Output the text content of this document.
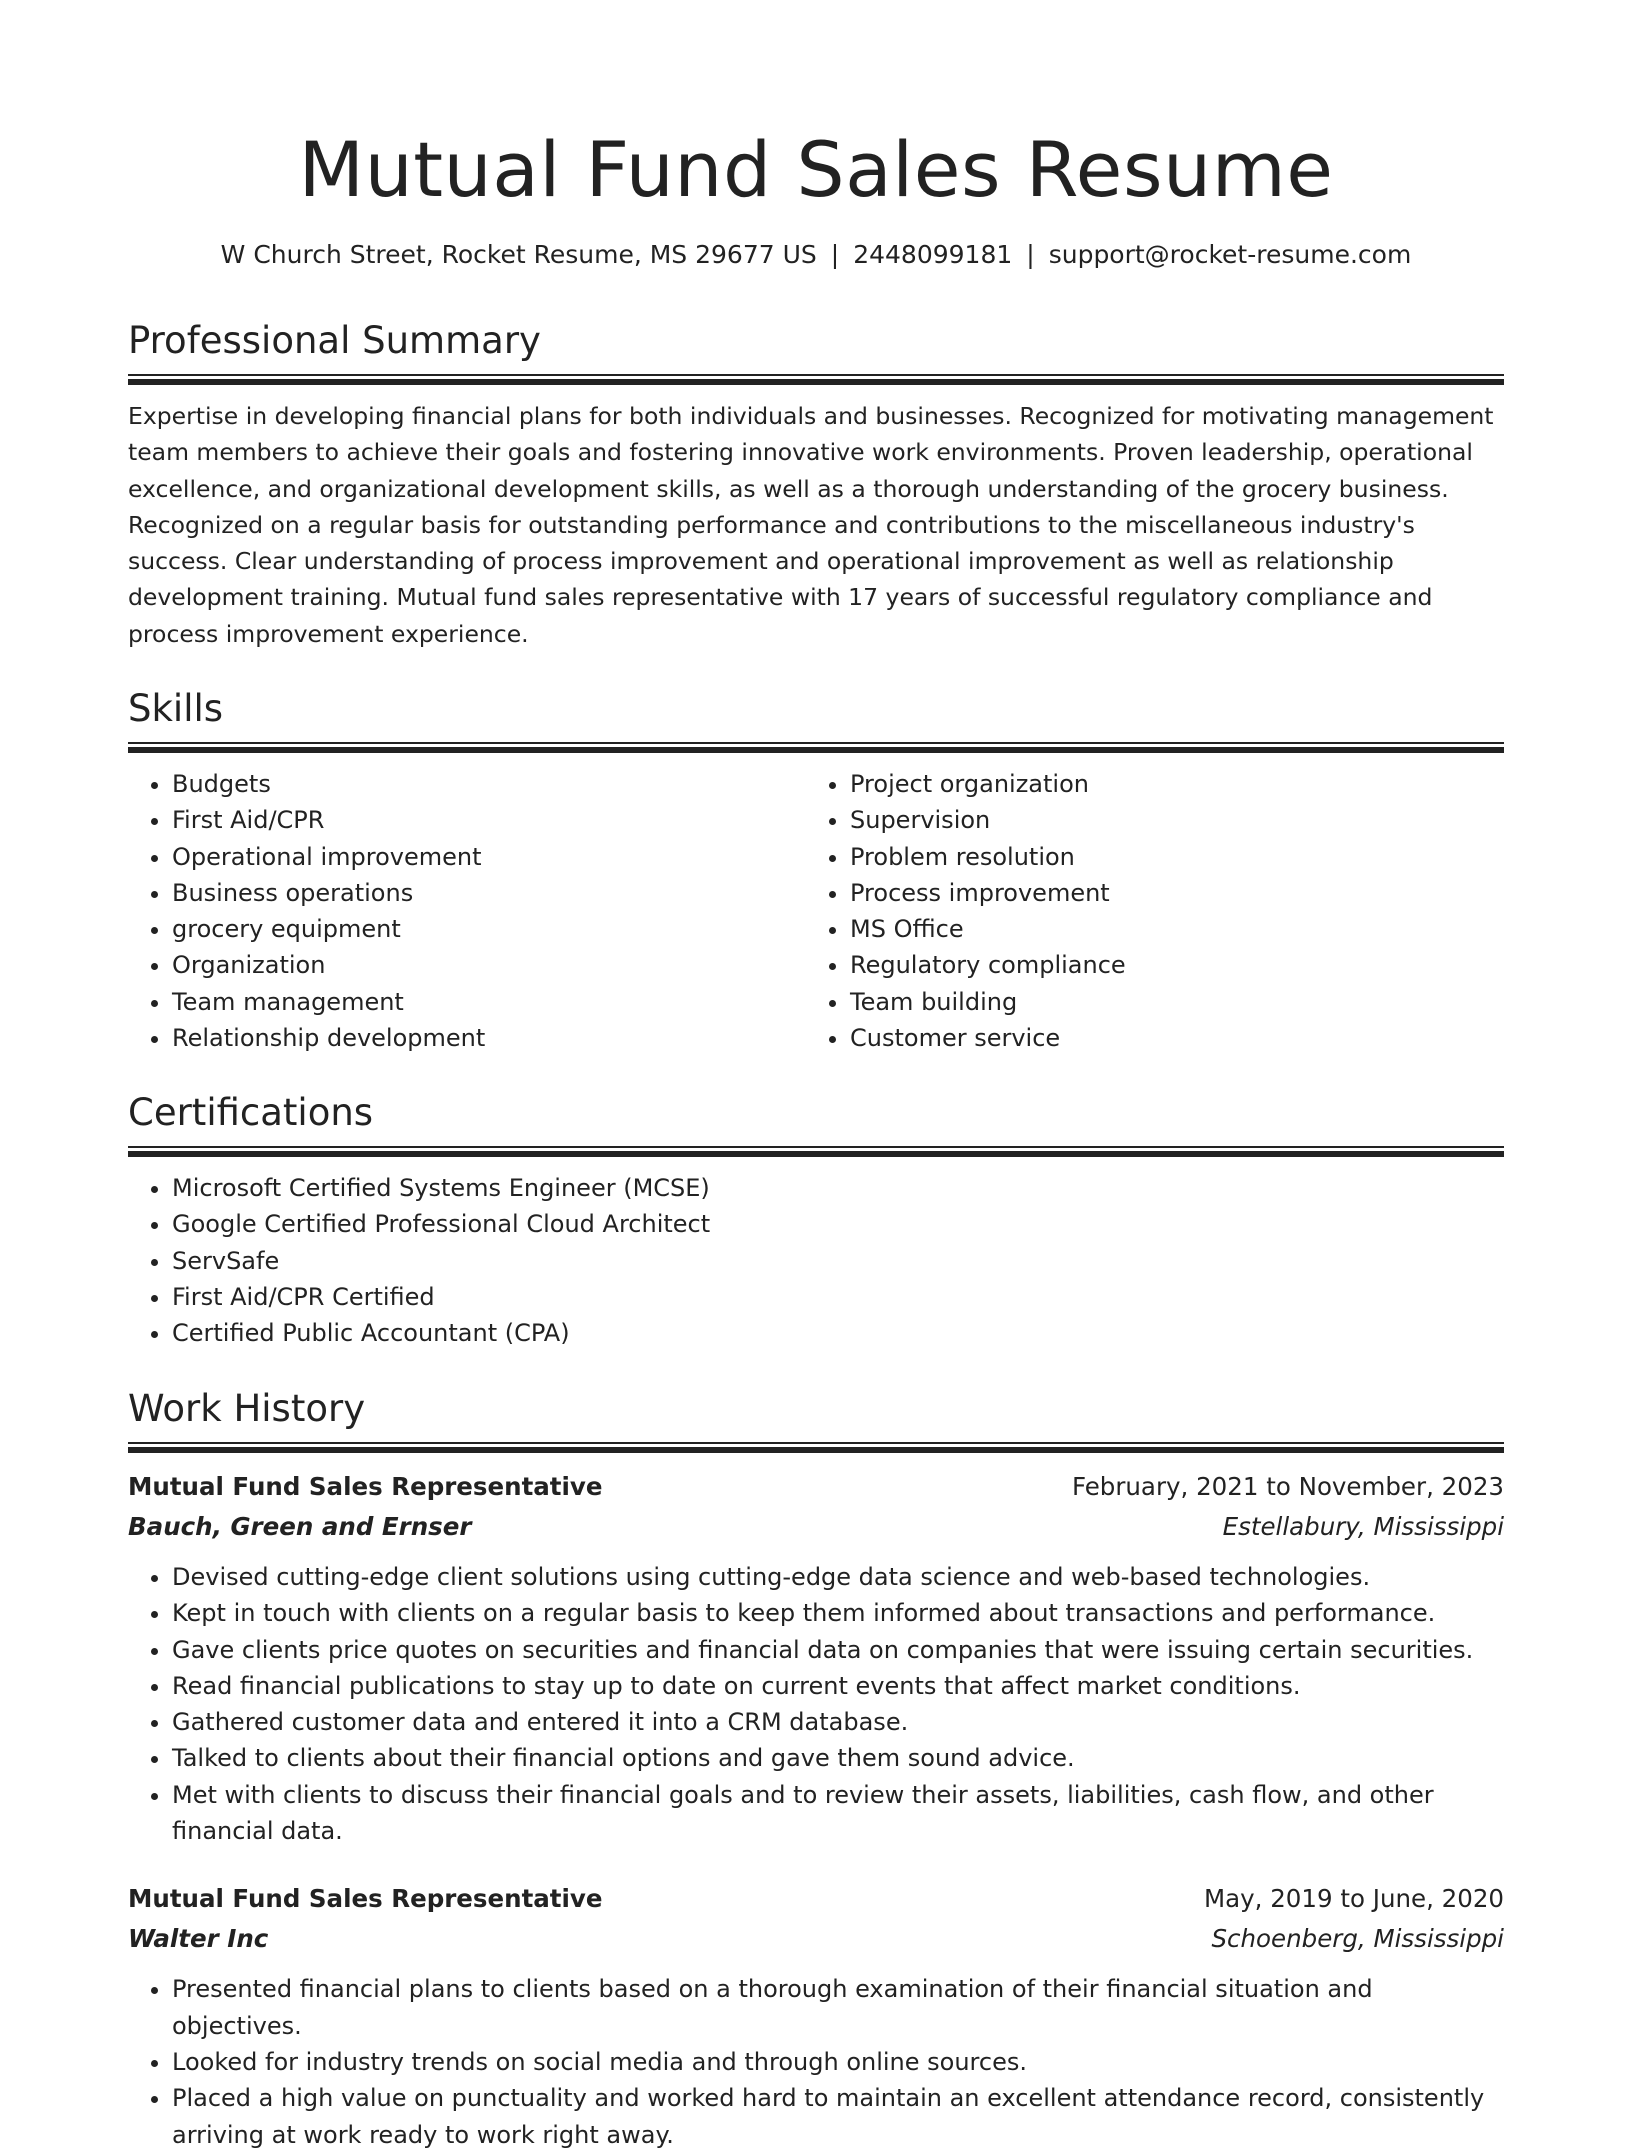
Mutual Fund Sales Resume
W Church Street, Rocket Resume, MS 29677 US | 2448099181 | support@rocket-resume.com
Professional Summary

Expertise in developing financial plans for both individuals and businesses. Recognized for motivating management team members to achieve their goals and fostering innovative work environments. Proven leadership, operational excellence, and organizational development skills, as well as a thorough understanding of the grocery business. Recognized on a regular basis for outstanding performance and contributions to the miscellaneous industry's success. Clear understanding of process improvement and operational improvement as well as relationship development training. Mutual fund sales representative with 17 years of successful regulatory compliance and process improvement experience.

Skills
• Budgets
• First Aid/CPR
• Operational improvement
• Business operations
• grocery equipment
• Organization
• Team management
• Relationship development
• Project organization
• Supervision
• Problem resolution
• Process improvement
• MS Office
• Regulatory compliance
• Team building
• Customer service
Certifications
• Microsoft Certified Systems Engineer (MCSE)
• Google Certified Professional Cloud Architect
• ServSafe
• First Aid/CPR Certified
• Certified Public Accountant (CPA)
Work History
Mutual Fund Sales Representative	February, 2021 to November, 2023
Bauch, Green and Ernser	Estellabury, Mississippi
• Devised cutting-edge client solutions using cutting-edge data science and web-based technologies.
• Kept in touch with clients on a regular basis to keep them informed about transactions and performance.
• Gave clients price quotes on securities and financial data on companies that were issuing certain securities.
• Read financial publications to stay up to date on current events that affect market conditions.
• Gathered customer data and entered it into a CRM database.
• Talked to clients about their financial options and gave them sound advice.
• Met with clients to discuss their financial goals and to review their assets, liabilities, cash flow, and other financial data.
Mutual Fund Sales Representative	May, 2019 to June, 2020
Walter Inc	Schoenberg, Mississippi
• Presented financial plans to clients based on a thorough examination of their financial situation and objectives.
• Looked for industry trends on social media and through online sources.
• Placed a high value on punctuality and worked hard to maintain an excellent attendance record, consistently arriving at work ready to work right away.
